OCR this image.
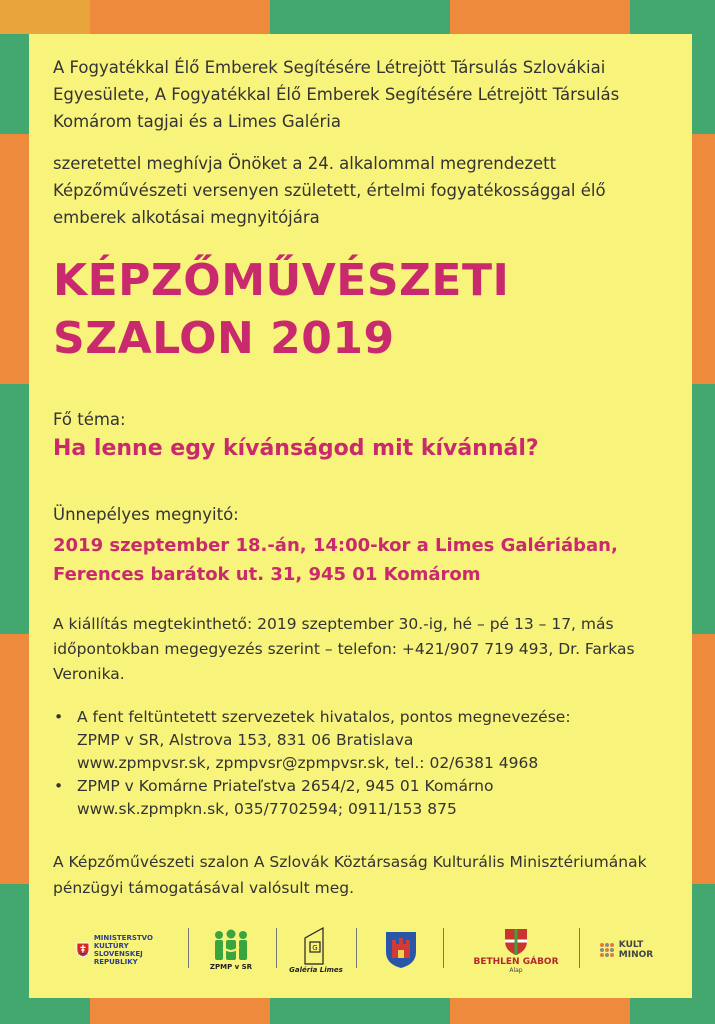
A Fogyatékkal Élő Emberek Segítésére Létrejött Társulás Szlovákiai Egyesülete, A Fogyatékkal Élő Emberek Segítésére Létrejött Társulás Komárom tagjai és a Limes Galéria
szeretettel meghívja Önöket a 24. alkalommal megrendezett Képzőművészeti versenyen született, értelmi fogyatékossággal élő emberek alkotásai megnyitójára
KÉPZŐMŰVÉSZETI
SZALON 2019
Fő téma:
Ha lenne egy kívánságod mit kívánnál?
Ünnepélyes megnyitó:
2019 szeptember 18.-án, 14:00-kor a Limes Galériában,
Ferences barátok ut. 31, 945 01 Komárom
A kiállítás megtekinthető: 2019 szeptember 30.-ig, hé – pé 13 – 17, más időpontokban megegyezés szerint – telefon: +421/907 719 493, Dr. Farkas Veronika.
• A fent feltüntetett szervezetek hivatalos, pontos megnevezése:
ZPMP v SR, Alstrova 153, 831 06 Bratislava
www.zpmpvsr.sk, zpmpvsr@zpmpvsr.sk, tel.: 02/6381 4968
• ZPMP v Komárne Priateľstva 2654/2, 945 01 Komárno
www.sk.zpmpkn.sk, 035/7702594; 0911/153 875
A Képzőművészeti szalon A Szlovák Köztársaság Kulturális Minisztériumának pénzügyi támogatásával valósult meg.
MINISTERSTVO
KULTÚRY
SLOVENSKEJ REPUBLIKY
ZPMP v SR
G
Galéria Limes
BETHLEN GÁBOR
Alap
KULT
MINOR
